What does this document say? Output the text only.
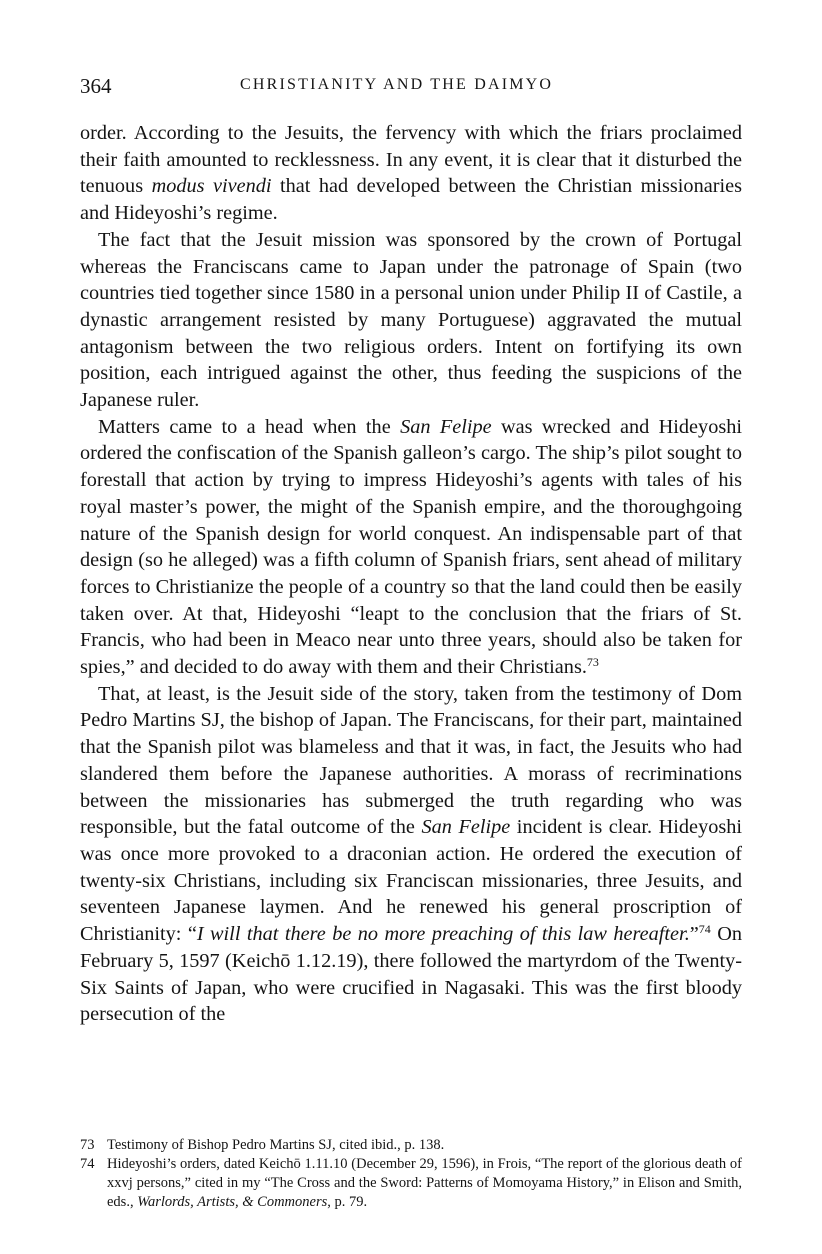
364	CHRISTIANITY AND THE DAIMYO

order. According to the Jesuits, the fervency with which the friars proclaimed their faith amounted to recklessness. In any event, it is clear that it disturbed the tenuous modus vivendi that had developed between the Christian missionaries and Hideyoshi’s regime.

The fact that the Jesuit mission was sponsored by the crown of Portugal whereas the Franciscans came to Japan under the patronage of Spain (two countries tied together since 1580 in a personal union under Philip II of Castile, a dynastic arrangement resisted by many Portuguese) aggravated the mutual antagonism between the two religious orders. Intent on fortifying its own position, each intrigued against the other, thus feeding the suspicions of the Japanese ruler.

Matters came to a head when the San Felipe was wrecked and Hideyoshi ordered the confiscation of the Spanish galleon’s cargo. The ship’s pilot sought to forestall that action by trying to impress Hideyoshi’s agents with tales of his royal master’s power, the might of the Spanish empire, and the thoroughgoing nature of the Spanish design for world conquest. An indispensable part of that design (so he alleged) was a fifth column of Spanish friars, sent ahead of military forces to Christianize the people of a country so that the land could then be easily taken over. At that, Hideyoshi “leapt to the conclusion that the friars of St. Francis, who had been in Meaco near unto three years, should also be taken for spies,” and decided to do away with them and their Christians.$^{73}$

That, at least, is the Jesuit side of the story, taken from the testimony of Dom Pedro Martins SJ, the bishop of Japan. The Franciscans, for their part, maintained that the Spanish pilot was blameless and that it was, in fact, the Jesuits who had slandered them before the Japanese authorities. A morass of recriminations between the missionaries has submerged the truth regarding who was responsible, but the fatal outcome of the San Felipe incident is clear. Hideyoshi was once more provoked to a draconian action. He ordered the execution of twenty-six Christians, including six Franciscan missionaries, three Jesuits, and seventeen Japanese laymen. And he renewed his general proscription of Christianity: “I will that there be no more preaching of this law hereafter.”$^{74}$ On February 5, 1597 (Keichō 1.12.19), there followed the martyrdom of the Twenty-Six Saints of Japan, who were crucified in Nagasaki. This was the first bloody persecution of the

73 Testimony of Bishop Pedro Martins SJ, cited ibid., p. 138.

74 Hideyoshi’s orders, dated Keichō 1.11.10 (December 29, 1596), in Frois, “The report of the glorious death of xxvj persons,” cited in my “The Cross and the Sword: Patterns of Momoyama History,” in Elison and Smith, eds., Warlords, Artists, & Commoners, p. 79.
